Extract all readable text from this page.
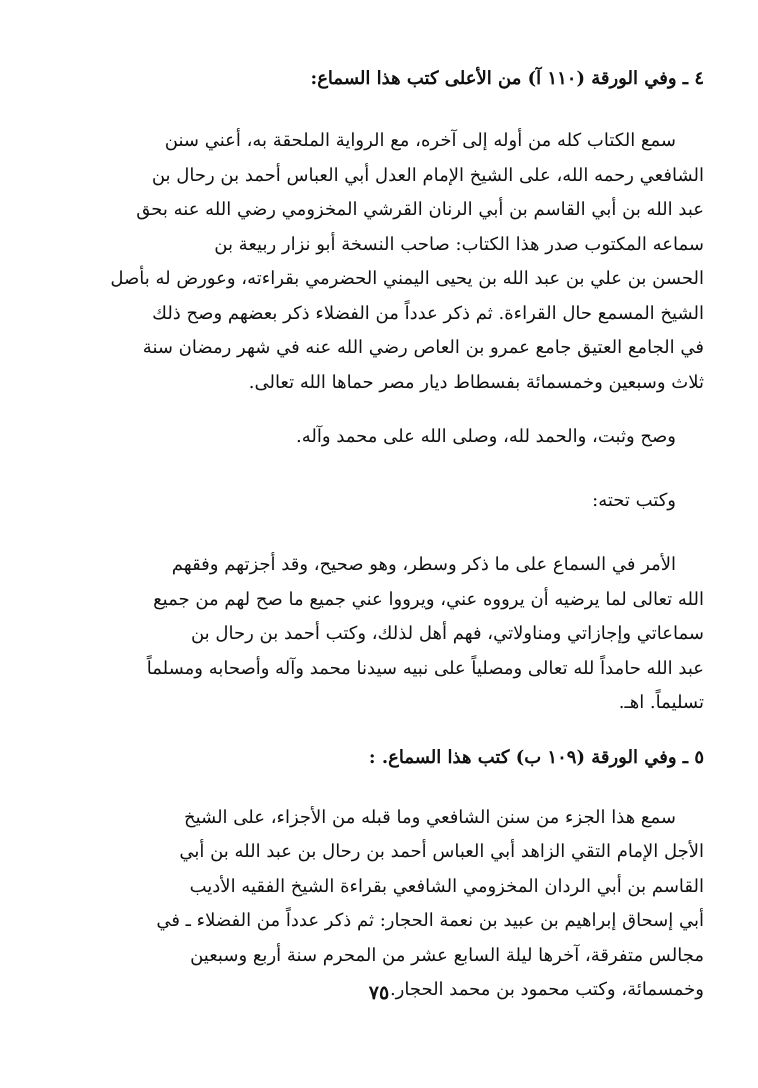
٤ ـ وفي الورقة (١١٠ آ) من الأعلى كتب هذا السماع:

سمع الكتاب كله من أوله إلى آخره، مع الرواية الملحقة به، أعني سنن

الشافعي رحمه الله، على الشيخ الإمام العدل أبي العباس أحمد بن رحال بن

عبد الله بن أبي القاسم بن أبي الرنان القرشي المخزومي رضي الله عنه بحق

سماعه المكتوب صدر هذا الكتاب: صاحب النسخة أبو نزار ربيعة بن

الحسن بن علي بن عبد الله بن يحيى اليمني الحضرمي بقراءته، وعورض له بأصل

الشيخ المسمع حال القراءة. ثم ذكر عدداً من الفضلاء ذكر بعضهم وصح ذلك

في الجامع العتيق جامع عمرو بن العاص رضي الله عنه في شهر رمضان سنة

ثلاث وسبعين وخمسمائة بفسطاط ديار مصر حماها الله تعالى.

وصح وثبت، والحمد لله، وصلى الله على محمد وآله.
وكتب تحته:

الأمر في السماع على ما ذكر وسطر، وهو صحيح، وقد أجزتهم وفقهم

الله تعالى لما يرضيه أن يرووه عني، ويرووا عني جميع ما صح لهم من جميع

سماعاتي وإجازاتي ومناولاتي، فهم أهل لذلك، وكتب أحمد بن رحال بن

عبد الله حامداً لله تعالى ومصلياً على نبيه سيدنا محمد وآله وأصحابه ومسلماً

تسليماً. اهـ.

٥ ـ وفي الورقة (١٠٩ ب) كتب هذا السماع. :

سمع هذا الجزء من سنن الشافعي وما قبله من الأجزاء، على الشيخ

الأجل الإمام التقي الزاهد أبي العباس أحمد بن رحال بن عبد الله بن أبي

القاسم بن أبي الردان المخزومي الشافعي بقراءة الشيخ الفقيه الأديب

أبي إسحاق إبراهيم بن عبيد بن نعمة الحجار: ثم ذكر عدداً من الفضلاء ـ في

مجالس متفرقة، آخرها ليلة السابع عشر من المحرم سنة أربع وسبعين

وخمسمائة، وكتب محمود بن محمد الحجار.

٧٥
